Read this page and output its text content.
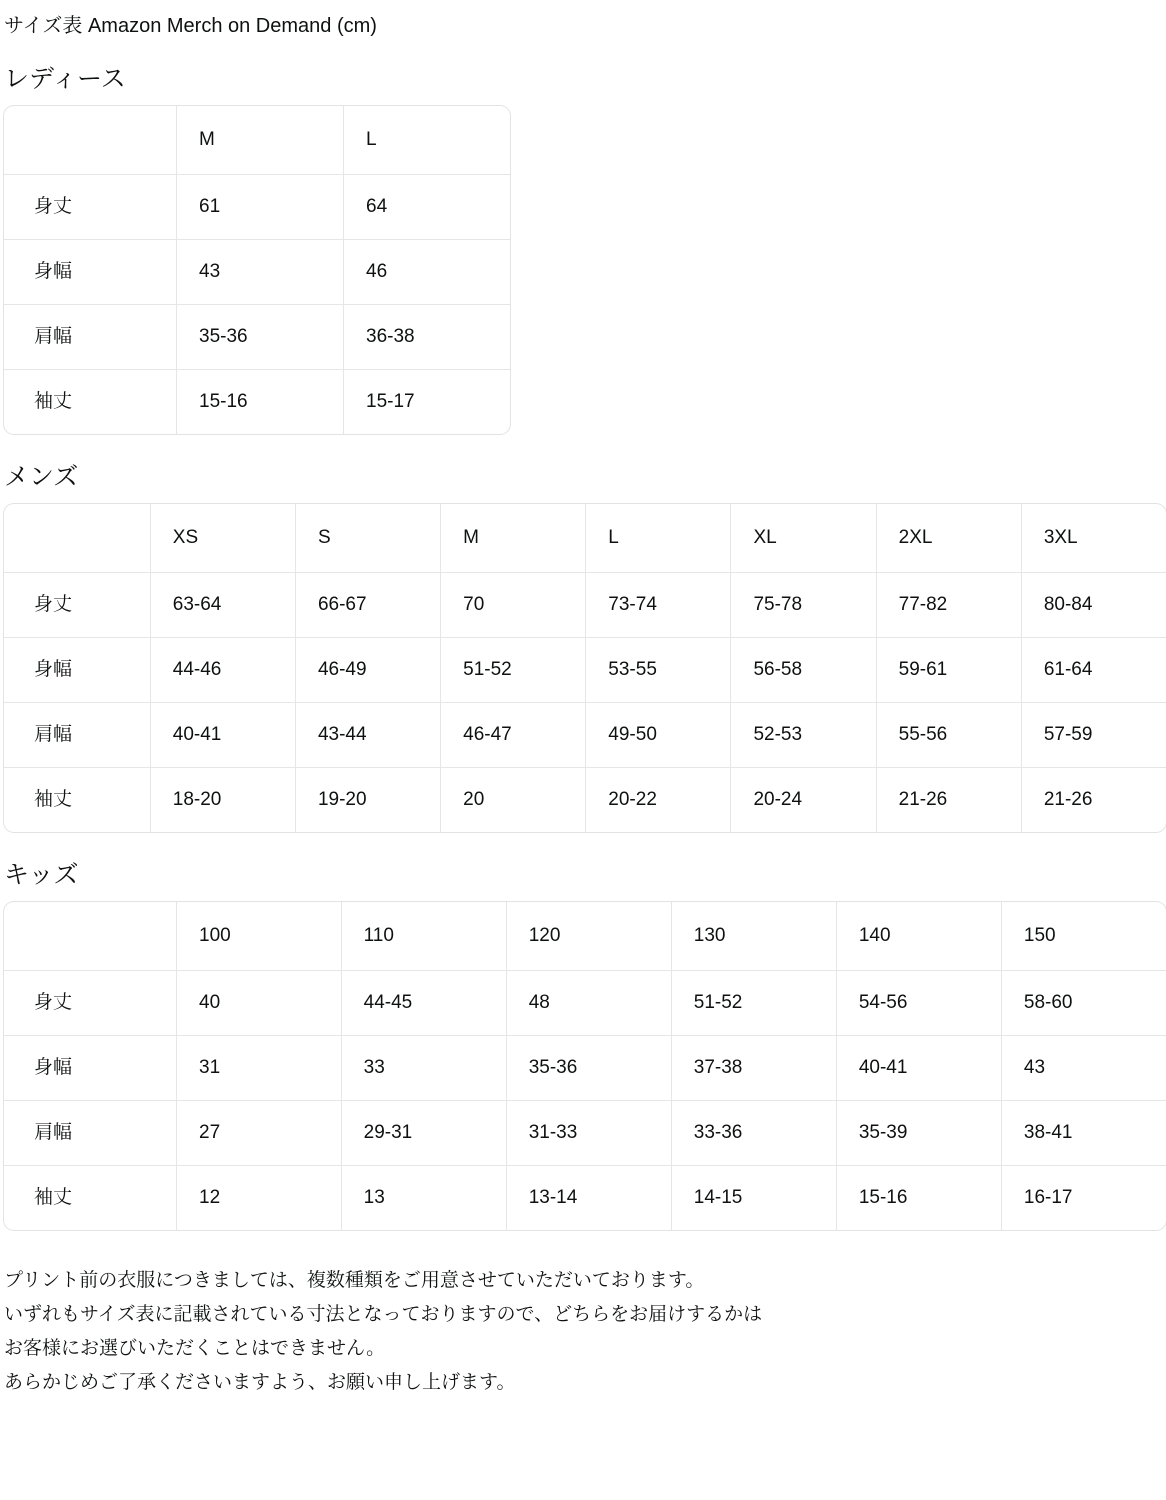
サイズ表 Amazon Merch on Demand (cm)
レディース
	M	L
身丈	61	64
身幅	43	46
肩幅	35-36	36-38
袖丈	15-16	15-17
メンズ
	XS	S	M	L	XL	2XL	3XL
身丈	63-64	66-67	70	73-74	75-78	77-82	80-84
身幅	44-46	46-49	51-52	53-55	56-58	59-61	61-64
肩幅	40-41	43-44	46-47	49-50	52-53	55-56	57-59
袖丈	18-20	19-20	20	20-22	20-24	21-26	21-26
キッズ
	100	110	120	130	140	150
身丈	40	44-45	48	51-52	54-56	58-60
身幅	31	33	35-36	37-38	40-41	43
肩幅	27	29-31	31-33	33-36	35-39	38-41
袖丈	12	13	13-14	14-15	15-16	16-17

プリント前の衣服につきましては、複数種類をご用意させていただいております。

いずれもサイズ表に記載されている寸法となっておりますので、どちらをお届けするかは

お客様にお選びいただくことはできません。

あらかじめご了承くださいますよう、お願い申し上げます。
